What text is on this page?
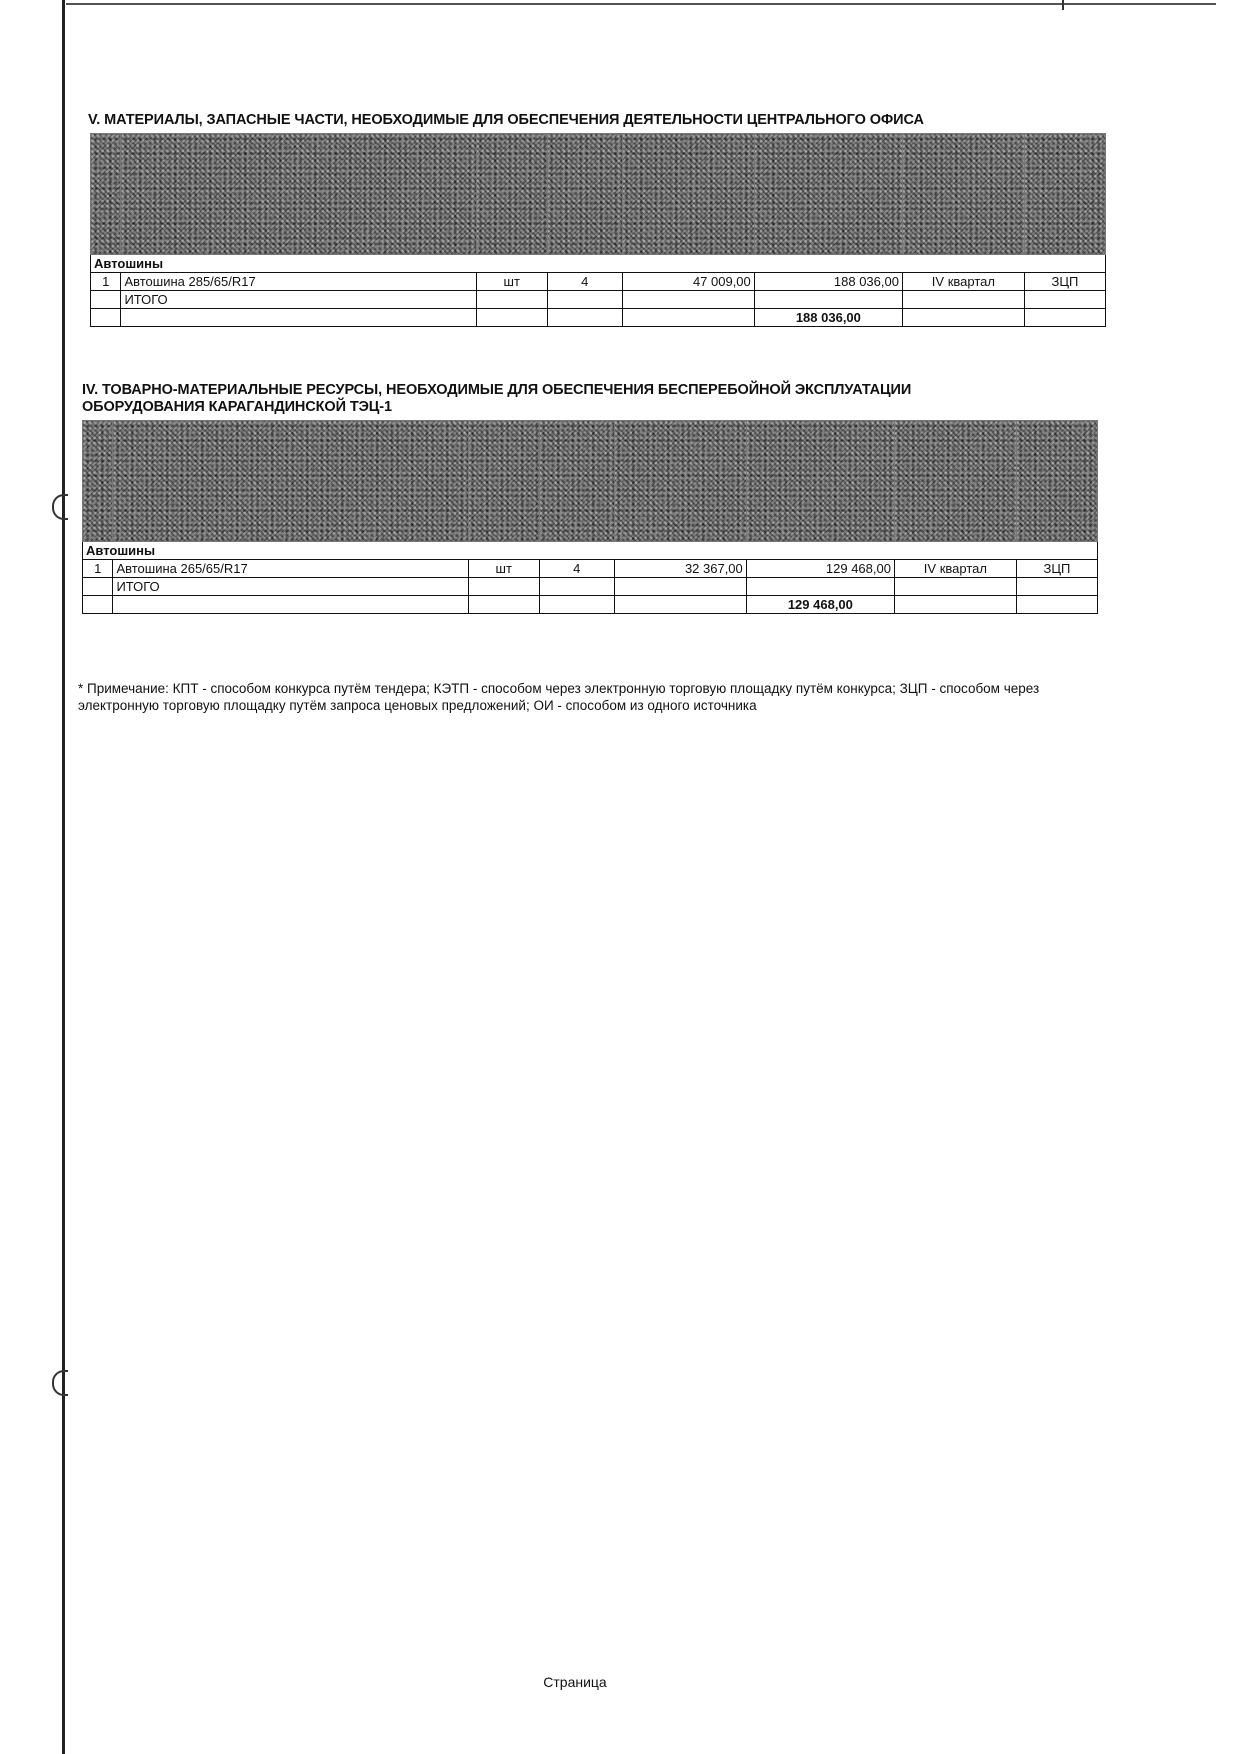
V. МАТЕРИАЛЫ, ЗАПАСНЫЕ ЧАСТИ, НЕОБХОДИМЫЕ ДЛЯ ОБЕСПЕЧЕНИЯ ДЕЯТЕЛЬНОСТИ ЦЕНТРАЛЬНОГО ОФИСА

Автошины							
1	Автошина 285/65/R17	шт	4	47 009,00	188 036,00	IV квартал	ЗЦП
	ИТОГО						
					188 036,00		
IV. ТОВАРНО-МАТЕРИАЛЬНЫЕ РЕСУРСЫ, НЕОБХОДИМЫЕ ДЛЯ ОБЕСПЕЧЕНИЯ БЕСПЕРЕБОЙНОЙ ЭКСПЛУАТАЦИИ ОБОРУДОВАНИЯ КАРАГАНДИНСКОЙ ТЭЦ-1

Автошины							
1	Автошина 265/65/R17	шт	4	32 367,00	129 468,00	IV квартал	ЗЦП
	ИТОГО						
					129 468,00		
* Примечание: КПТ - способом конкурса путём тендера; КЭТП - способом через электронную торговую площадку путём конкурса; ЗЦП - способом через электронную торговую площадку путём запроса ценовых предложений; ОИ - способом из одного источника
Страница
